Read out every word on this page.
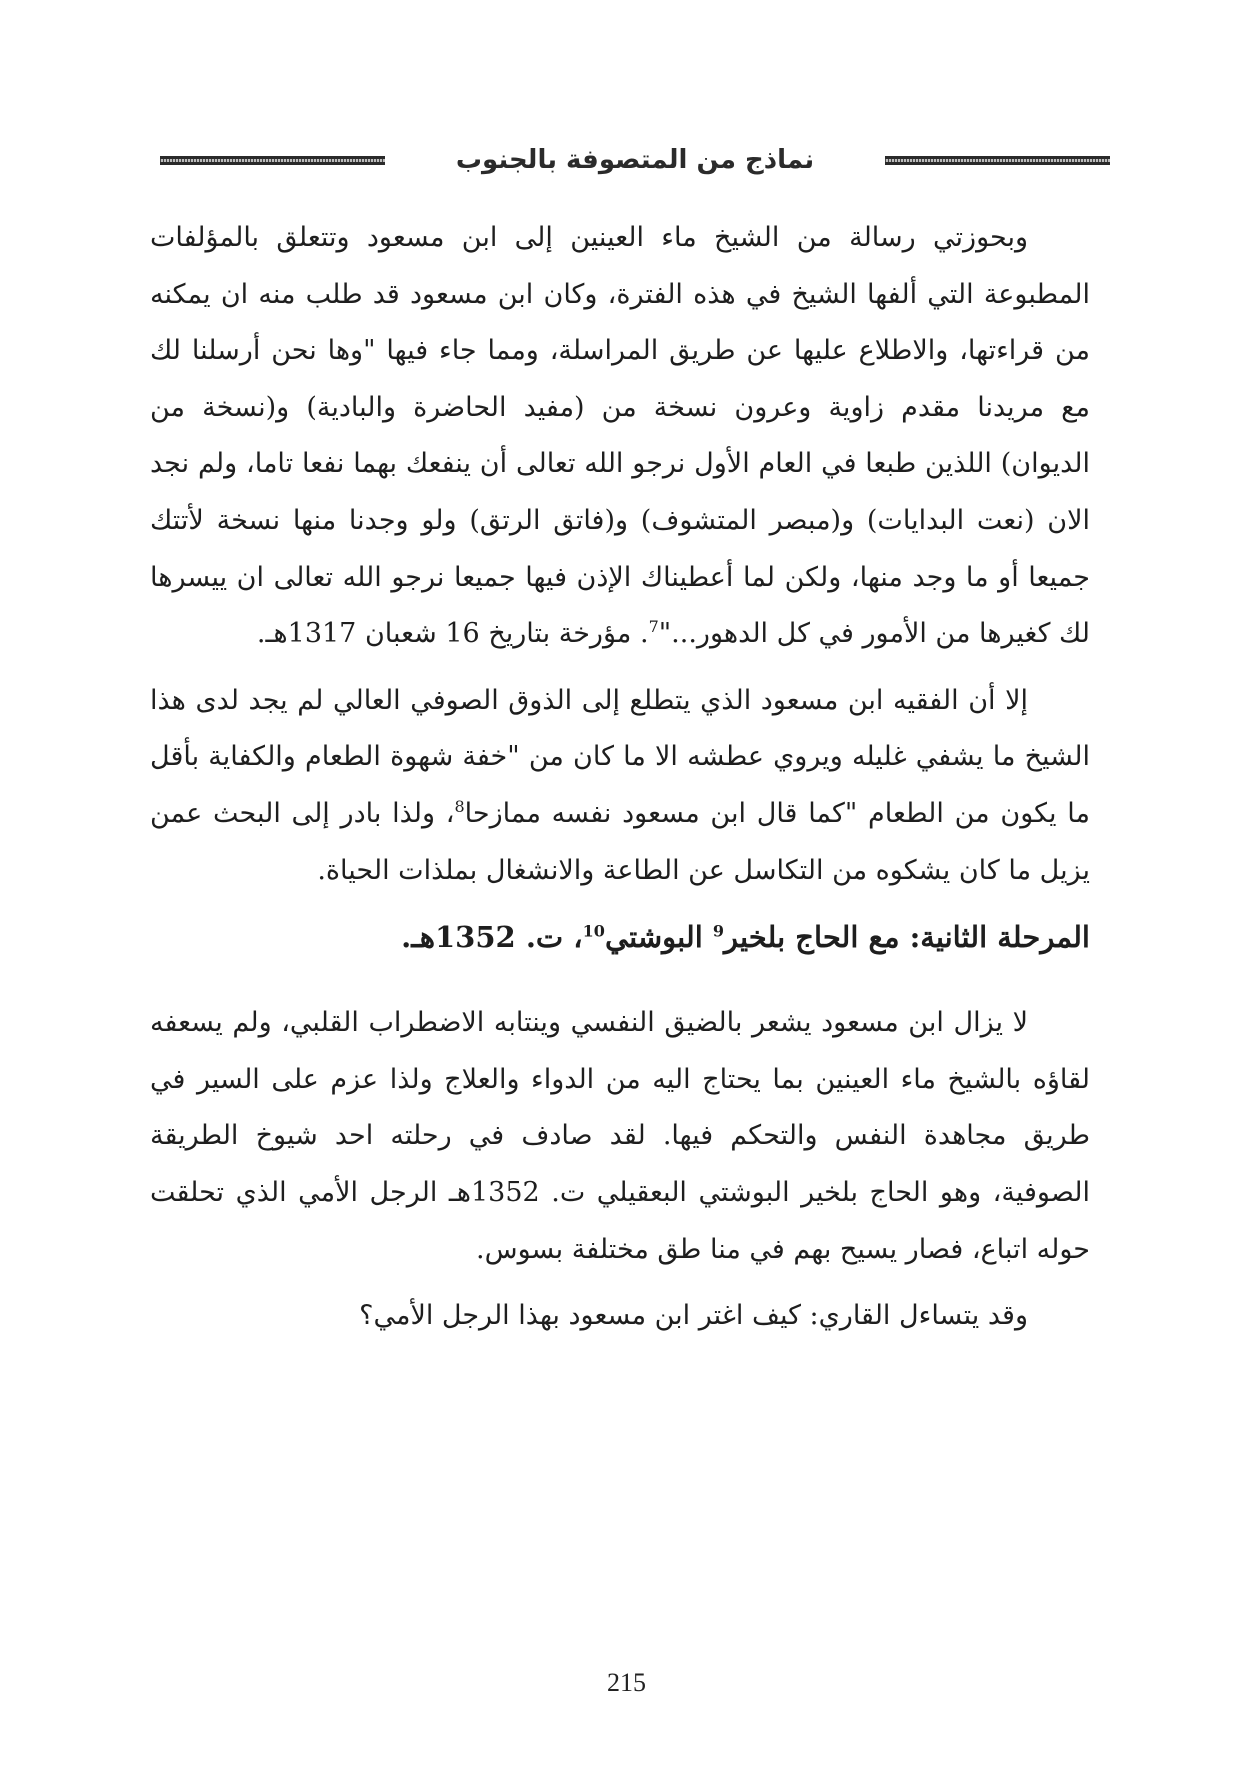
نماذج من المتصوفة بالجنوب

وبحوزتي رسالة من الشيخ ماء العينين إلى ابن مسعود وتتعلق بالمؤلفات المطبوعة التي ألفها الشيخ في هذه الفترة، وكان ابن مسعود قد طلب منه ان يمكنه من قراءتها، والاطلاع عليها عن طريق المراسلة، ومما جاء فيها "وها نحن أرسلنا لك مع مريدنا مقدم زاوية وعرون نسخة من (مفيد الحاضرة والبادية) و(نسخة من الديوان) اللذين طبعا في العام الأول نرجو الله تعالى أن ينفعك بهما نفعا تاما، ولم نجد الان (نعت البدايات) و(مبصر المتشوف) و(فاتق الرتق) ولو وجدنا منها نسخة لأتتك جميعا أو ما وجد منها، ولكن لما أعطيناك الإذن فيها جميعا نرجو الله تعالى ان ييسرها لك كغيرها من الأمور في كل الدهور..."$^7$. مؤرخة بتاريخ 16 شعبان 1317هـ.

إلا أن الفقيه ابن مسعود الذي يتطلع إلى الذوق الصوفي العالي لم يجد لدى هذا الشيخ ما يشفي غليله ويروي عطشه الا ما كان من "خفة شهوة الطعام والكفاية بأقل ما يكون من الطعام "كما قال ابن مسعود نفسه ممازحا$^8$، ولذا بادر إلى البحث عمن يزيل ما كان يشكوه من التكاسل عن الطاعة والانشغال بملذات الحياة.

المرحلة الثانية: مع الحاج بلخير$^9$ البوشتي$^{10}$، ت. 1352هـ.

لا يزال ابن مسعود يشعر بالضيق النفسي وينتابه الاضطراب القلبي، ولم يسعفه لقاؤه بالشيخ ماء العينين بما يحتاج اليه من الدواء والعلاج ولذا عزم على السير في طريق مجاهدة النفس والتحكم فيها. لقد صادف في رحلته احد شيوخ الطريقة الصوفية، وهو الحاج بلخير البوشتي البعقيلي ت. 1352هـ الرجل الأمي الذي تحلقت حوله اتباع، فصار يسيح بهم في منا طق مختلفة بسوس.

وقد يتساءل القاري: كيف اغتر ابن مسعود بهذا الرجل الأمي؟

215
